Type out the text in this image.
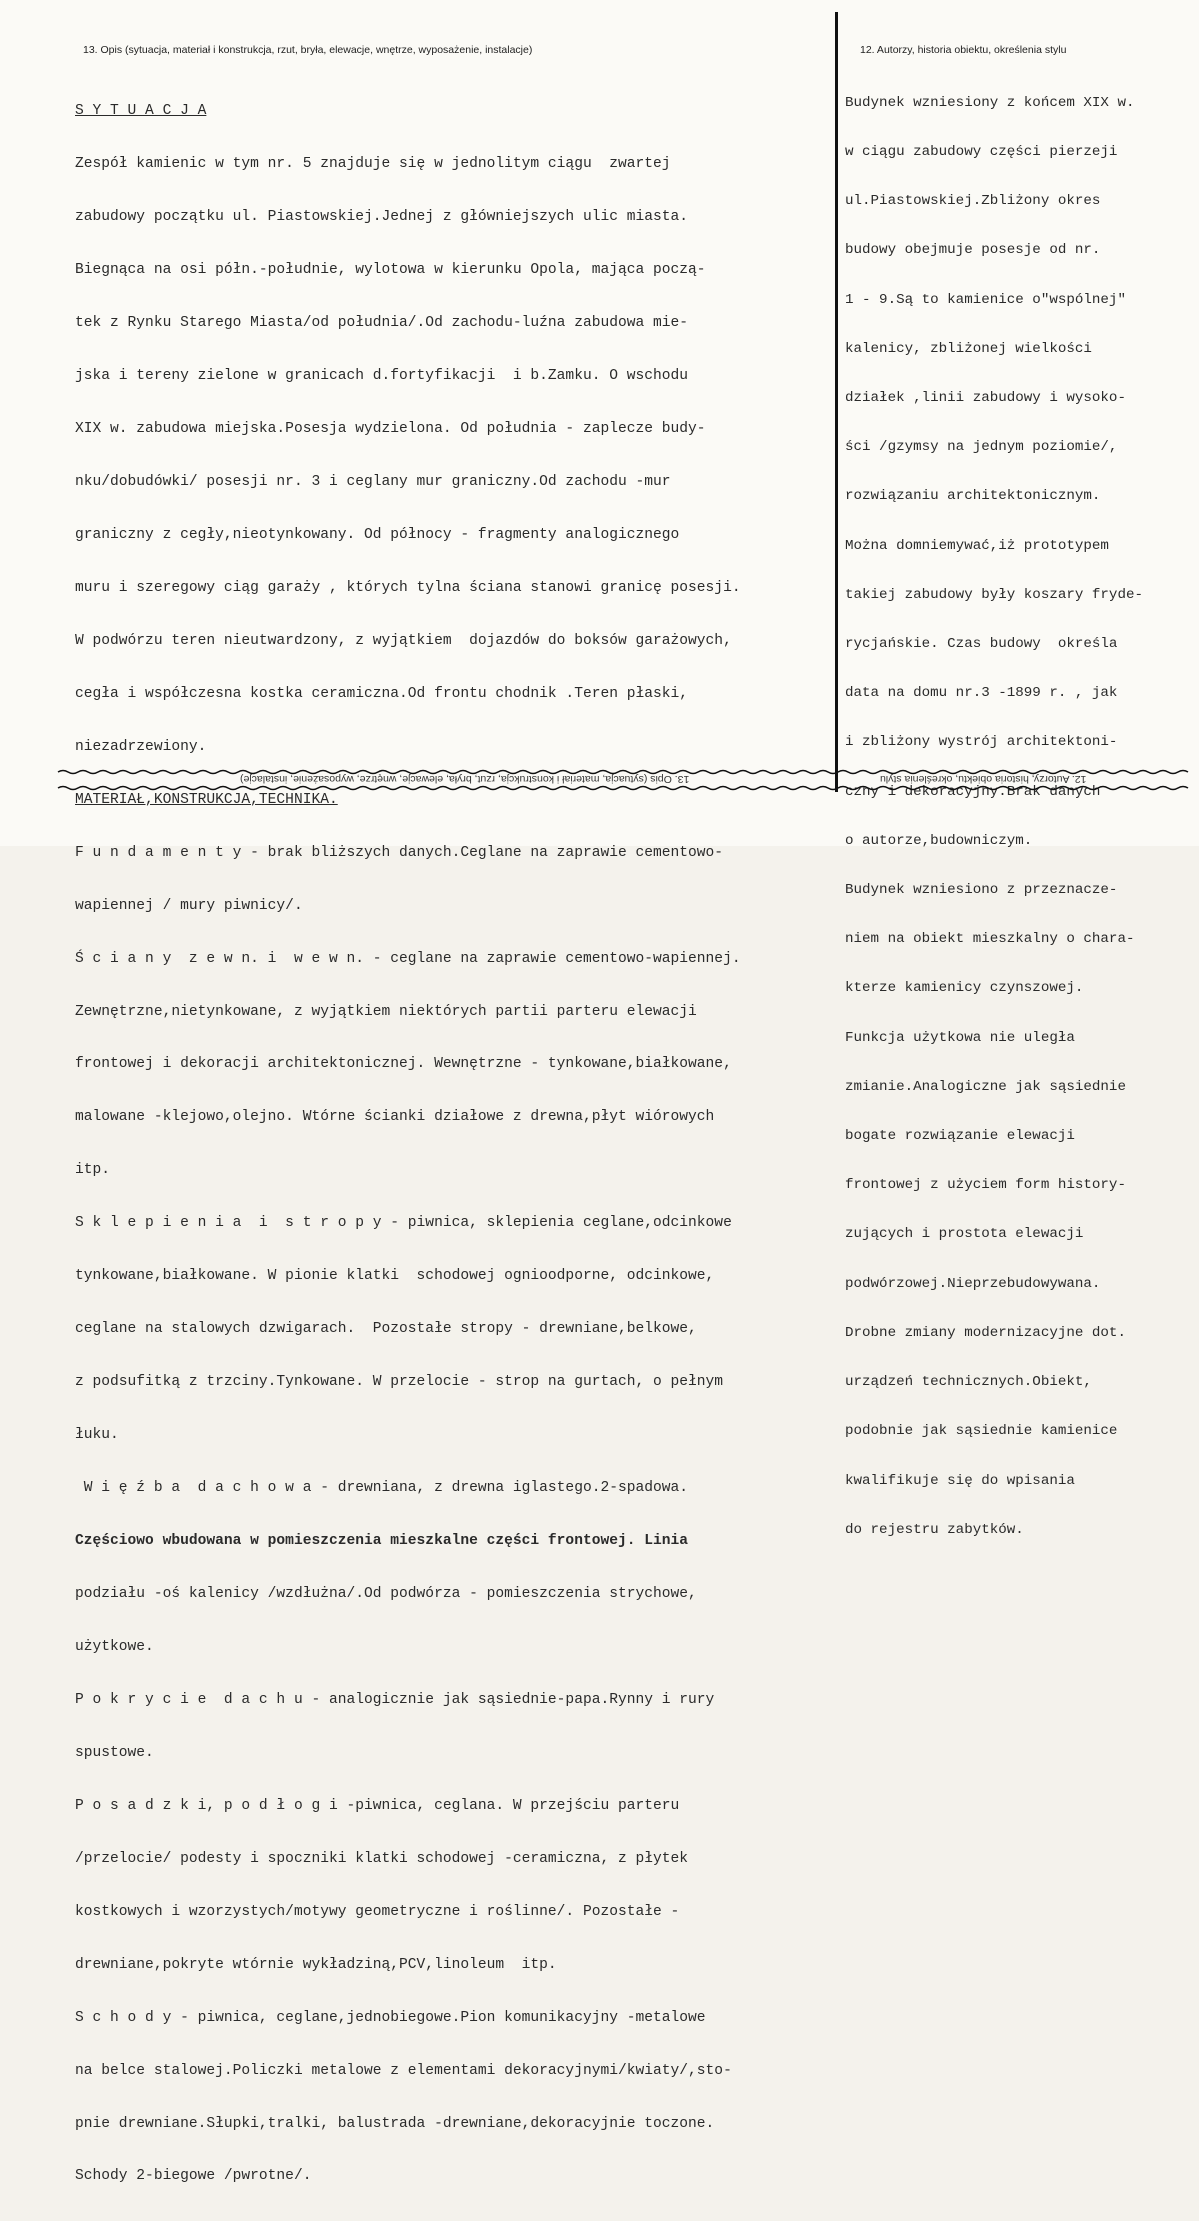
13. Opis (sytuacja, materiał i konstrukcja, rzut, bryła, elewacje, wnętrze, wyposażenie, instalacje)	12. Autorzy, historia obiektu, określenia stylu

S Y T U A C J A

Zespół kamienic w tym nr. 5 znajduje się w jednolitym ciągu  zwartej

zabudowy początku ul. Piastowskiej.Jednej z główniejszych ulic miasta.

Biegnąca na osi półn.-południe, wylotowa w kierunku Opola, mająca począ-

tek z Rynku Starego Miasta/od południa/.Od zachodu-luźna zabudowa mie-

jska i tereny zielone w granicach d.fortyfikacji  i b.Zamku. O wschodu

XIX w. zabudowa miejska.Posesja wydzielona. Od południa - zaplecze budy-

nku/dobudówki/ posesji nr. 3 i ceglany mur graniczny.Od zachodu -mur

graniczny z cegły,nieotynkowany. Od północy - fragmenty analogicznego

muru i szeregowy ciąg garaży , których tylna ściana stanowi granicę posesji.

W podwórzu teren nieutwardzony, z wyjątkiem  dojazdów do boksów garażowych,

cegła i współczesna kostka ceramiczna.Od frontu chodnik .Teren płaski,

niezadrzewiony.

MATERIAŁ,KONSTRUKCJA,TECHNIKA.

F u n d a m e n t y - brak bliższych danych.Ceglane na zaprawie cementowo-

wapiennej / mury piwnicy/.

Ś c i a n y  z e w n. i  w e w n. - ceglane na zaprawie cementowo-wapiennej.

Zewnętrzne,nietynkowane, z wyjątkiem niektórych partii parteru elewacji

frontowej i dekoracji architektonicznej. Wewnętrzne - tynkowane,białkowane,

malowane -klejowo,olejno. Wtórne ścianki działowe z drewna,płyt wiórowych

itp.

S k l e p i e n i a  i  s t r o p y - piwnica, sklepienia ceglane,odcinkowe

tynkowane,białkowane. W pionie klatki  schodowej ognioodporne, odcinkowe,

ceglane na stalowych dzwigarach.  Pozostałe stropy - drewniane,belkowe,

z podsufitką z trzciny.Tynkowane. W przelocie - strop na gurtach, o pełnym

łuku.

W i ę ź b a  d a c h o w a - drewniana, z drewna iglastego.2-spadowa.

Częściowo wbudowana w pomieszczenia mieszkalne części frontowej. Linia

podziału -oś kalenicy /wzdłużna/.Od podwórza - pomieszczenia strychowe,

użytkowe.

P o k r y c i e  d a c h u - analogicznie jak sąsiednie-papa.Rynny i rury

spustowe.

P o s a d z k i, p o d ł o g i -piwnica, ceglana. W przejściu parteru

/przelocie/ podesty i spoczniki klatki schodowej -ceramiczna, z płytek

kostkowych i wzorzystych/motywy geometryczne i roślinne/. Pozostałe -

drewniane,pokryte wtórnie wykładziną,PCV,linoleum  itp.

S c h o d y - piwnica, ceglane,jednobiegowe.Pion komunikacyjny -metalowe

na belce stalowej.Policzki metalowe z elementami dekoracyjnymi/kwiaty/,sto-

pnie drewniane.Słupki,tralki, balustrada -drewniane,dekoracyjnie toczone.

Schody 2-biegowe /pwrotne/.

Budynek wzniesiony z końcem XIX w.

w ciągu zabudowy części pierzeji

ul.Piastowskiej.Zbliżony okres

budowy obejmuje posesje od nr.

1 - 9.Są to kamienice o"wspólnej"

kalenicy, zbliżonej wielkości

działek ,linii zabudowy i wysoko-

ści /gzymsy na jednym poziomie/,

rozwiązaniu architektonicznym.

Można domniemywać,iż prototypem

takiej zabudowy były koszary fryde-

rycjańskie. Czas budowy  określa

data na domu nr.3 -1899 r. , jak

i zbliżony wystrój architektoni-

czny i dekoracyjny.Brak danych

o autorze,budowniczym.

Budynek wzniesiono z przeznacze-

niem na obiekt mieszkalny o chara-

kterze kamienicy czynszowej.

Funkcja użytkowa nie uległa

zmianie.Analogiczne jak sąsiednie

bogate rozwiązanie elewacji

frontowej z użyciem form history-

zujących i prostota elewacji

podwórzowej.Nieprzebudowywana.

Drobne zmiany modernizacyjne dot.

urządzeń technicznych.Obiekt,

podobnie jak sąsiednie kamienice

kwalifikuje się do wpisania

do rejestru zabytków.

13. Opis (sytuacja, materiał i konstrukcja, rzut, bryła, elewacje, wnętrze, wyposażenie, instalacje)	12. Autorzy, historia obiektu, określenia stylu
